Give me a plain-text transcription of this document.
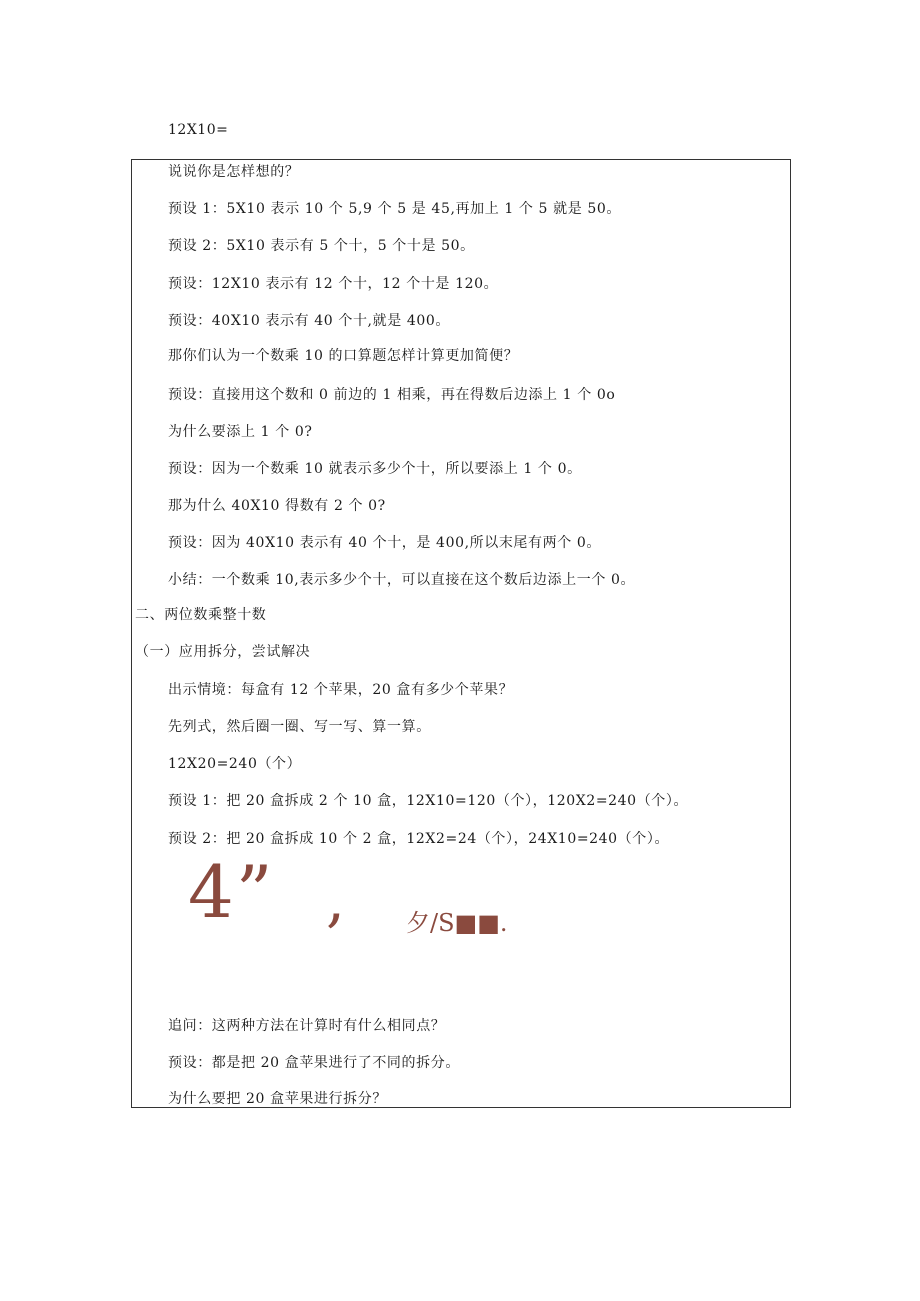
12X10=
说说你是怎样想的？
预设 1：5X10 表示 10 个 5,9 个 5 是 45,再加上 1 个 5 就是 50。
预设 2：5X10 表示有 5 个十，5 个十是 50。
预设：12X10 表示有 12 个十，12 个十是 120。
预设：40X10 表示有 40 个十,就是 400。
那你们认为一个数乘 10 的口算题怎样计算更加简便？
预设：直接用这个数和 0 前边的 1 相乘，再在得数后边添上 1 个 0o
为什么要添上 1 个 0?
预设：因为一个数乘 10 就表示多少个十，所以要添上 1 个 0。
那为什么 40X10 得数有 2 个 0?
预设：因为 40X10 表示有 40 个十，是 400,所以末尾有两个 0。
小结：一个数乘 10,表示多少个十，可以直接在这个数后边添上一个 0。
二、两位数乘整十数
（一）应用拆分，尝试解决
出示情境：每盒有 12 个苹果，20 盒有多少个苹果？
先列式，然后圈一圈、写一写、算一算。
12X20=240（个）
预设 1：把 20 盒拆成 2 个 10 盒，12X10=120（个），120X2=240（个）。
预设 2：把 20 盒拆成 10 个 2 盒，12X2=24（个），24X10=240（个）。
4” ,	夕/S■■.
追问：这两种方法在计算时有什么相同点？
预设：都是把 20 盒苹果进行了不同的拆分。
为什么要把 20 盒苹果进行拆分？
